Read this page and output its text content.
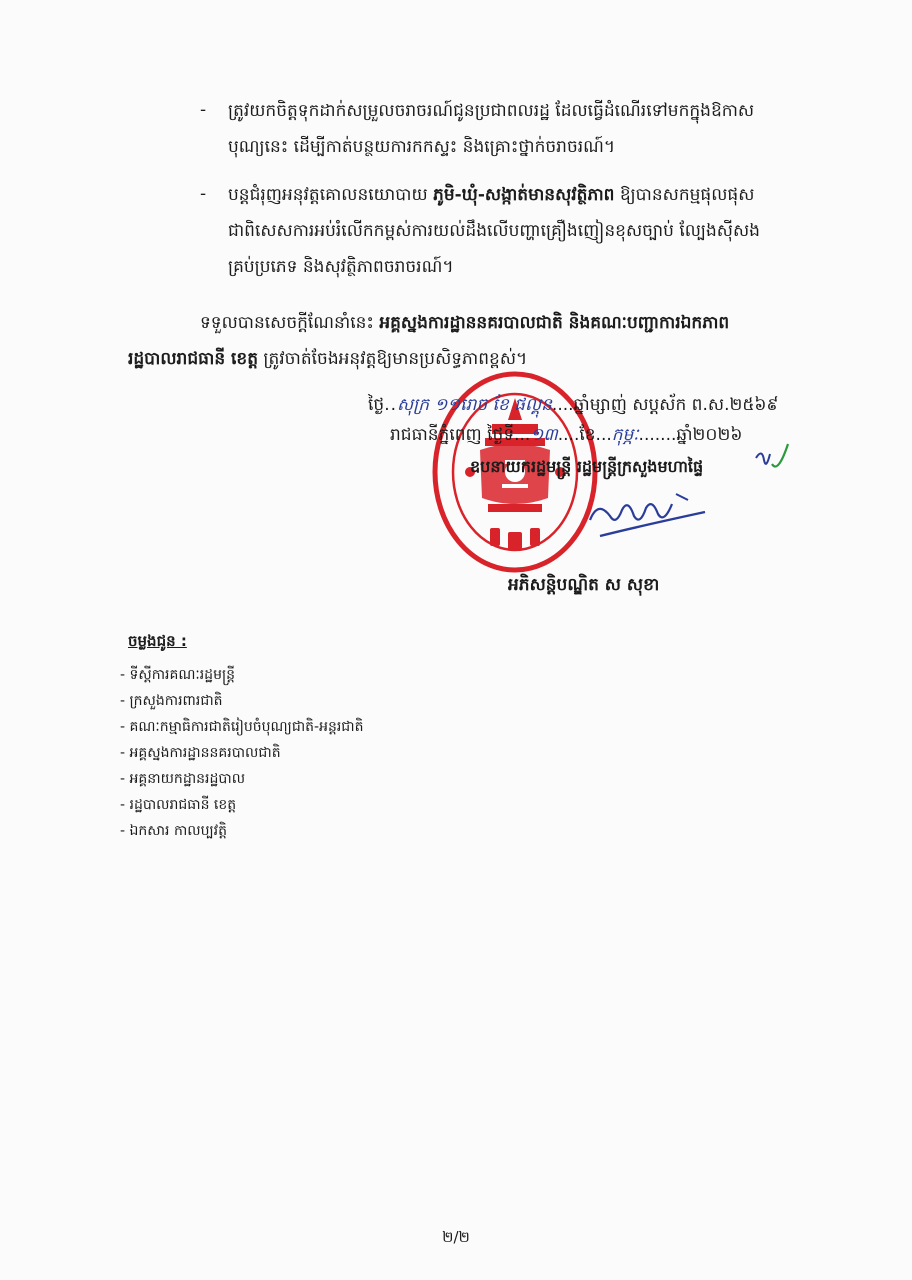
- ត្រូវយកចិត្តទុកដាក់សម្រួលចរាចរណ៍ជូនប្រជាពលរដ្ឋ ដែលធ្វើដំណើរទៅមកក្នុងឱកាស
បុណ្យនេះ ដើម្បីកាត់បន្ថយការកកស្ទះ និងគ្រោះថ្នាក់ចរាចរណ៍។
- បន្តជំរុញអនុវត្តគោលនយោបាយ ភូមិ-ឃុំ-សង្កាត់មានសុវត្ថិភាព ឱ្យបានសកម្មផុលផុស
ជាពិសេសការអប់រំលើកកម្ពស់ការយល់ដឹងលើបញ្ហាគ្រឿងញៀនខុសច្បាប់ ល្បែងស៊ីសង
គ្រប់ប្រភេទ និងសុវត្ថិភាពចរាចរណ៍។
ទទួលបានសេចក្តីណែនាំនេះ អគ្គស្នងការដ្ឋាននគរបាលជាតិ និងគណៈបញ្ជាការឯកភាព
រដ្ឋបាលរាជធានី ខេត្ត ត្រូវចាត់ចែងអនុវត្តឱ្យមានប្រសិទ្ធភាពខ្ពស់។
ថ្ងៃ..សុក្រ ១១រោច ខែ ផល្គុន....ឆ្នាំម្សាញ់ សប្តស័ក ព.ស.២៥៦៩
រាជធានីភ្នំពេញ ថ្ងៃទី...១៣....ខែ...កុម្ភៈ.......ឆ្នាំ២០២៦
ឧបនាយករដ្ឋមន្ត្រី រដ្ឋមន្ត្រីក្រសួងមហាផ្ទៃ
អភិសន្តិបណ្ឌិត ស សុខា
ចម្លងជូន :
- ទីស្តីការគណៈរដ្ឋមន្ត្រី
- ក្រសួងការពារជាតិ
- គណៈកម្មាធិការជាតិរៀបចំបុណ្យជាតិ-អន្តរជាតិ
- អគ្គស្នងការដ្ឋាននគរបាលជាតិ
- អគ្គនាយកដ្ឋានរដ្ឋបាល
- រដ្ឋបាលរាជធានី ខេត្ត
- ឯកសារ កាលប្បវត្តិ
២/២
